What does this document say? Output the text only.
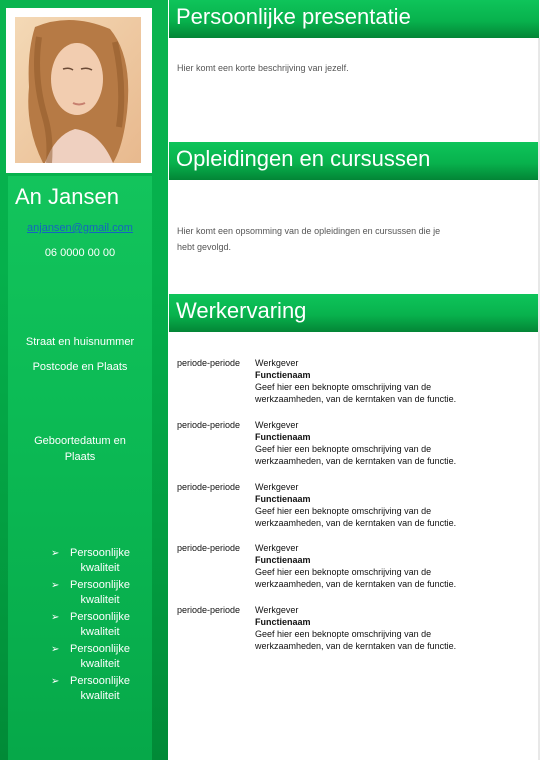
An Jansen
anjansen@gmail.com
06 0000 00 00
Straat en huisnummer
Postcode en Plaats
Geboortedatum en Plaats
➢ Persoonlijke kwaliteit
➢ Persoonlijke kwaliteit
➢ Persoonlijke kwaliteit
➢ Persoonlijke kwaliteit
➢ Persoonlijke kwaliteit
Persoonlijke presentatie
Hier komt een korte beschrijving van jezelf.
Opleidingen en cursussen
Hier komt een opsomming van de opleidingen en cursussen die je
hebt gevolgd.
Werkervaring
periode-periode Werkgever
Functienaam
Geef hier een beknopte omschrijving van de
werkzaamheden, van de kerntaken van de functie.
periode-periode Werkgever
Functienaam
Geef hier een beknopte omschrijving van de
werkzaamheden, van de kerntaken van de functie.
periode-periode Werkgever
Functienaam
Geef hier een beknopte omschrijving van de
werkzaamheden, van de kerntaken van de functie.
periode-periode Werkgever
Functienaam
Geef hier een beknopte omschrijving van de
werkzaamheden, van de kerntaken van de functie.
periode-periode Werkgever
Functienaam
Geef hier een beknopte omschrijving van de
werkzaamheden, van de kerntaken van de functie.
